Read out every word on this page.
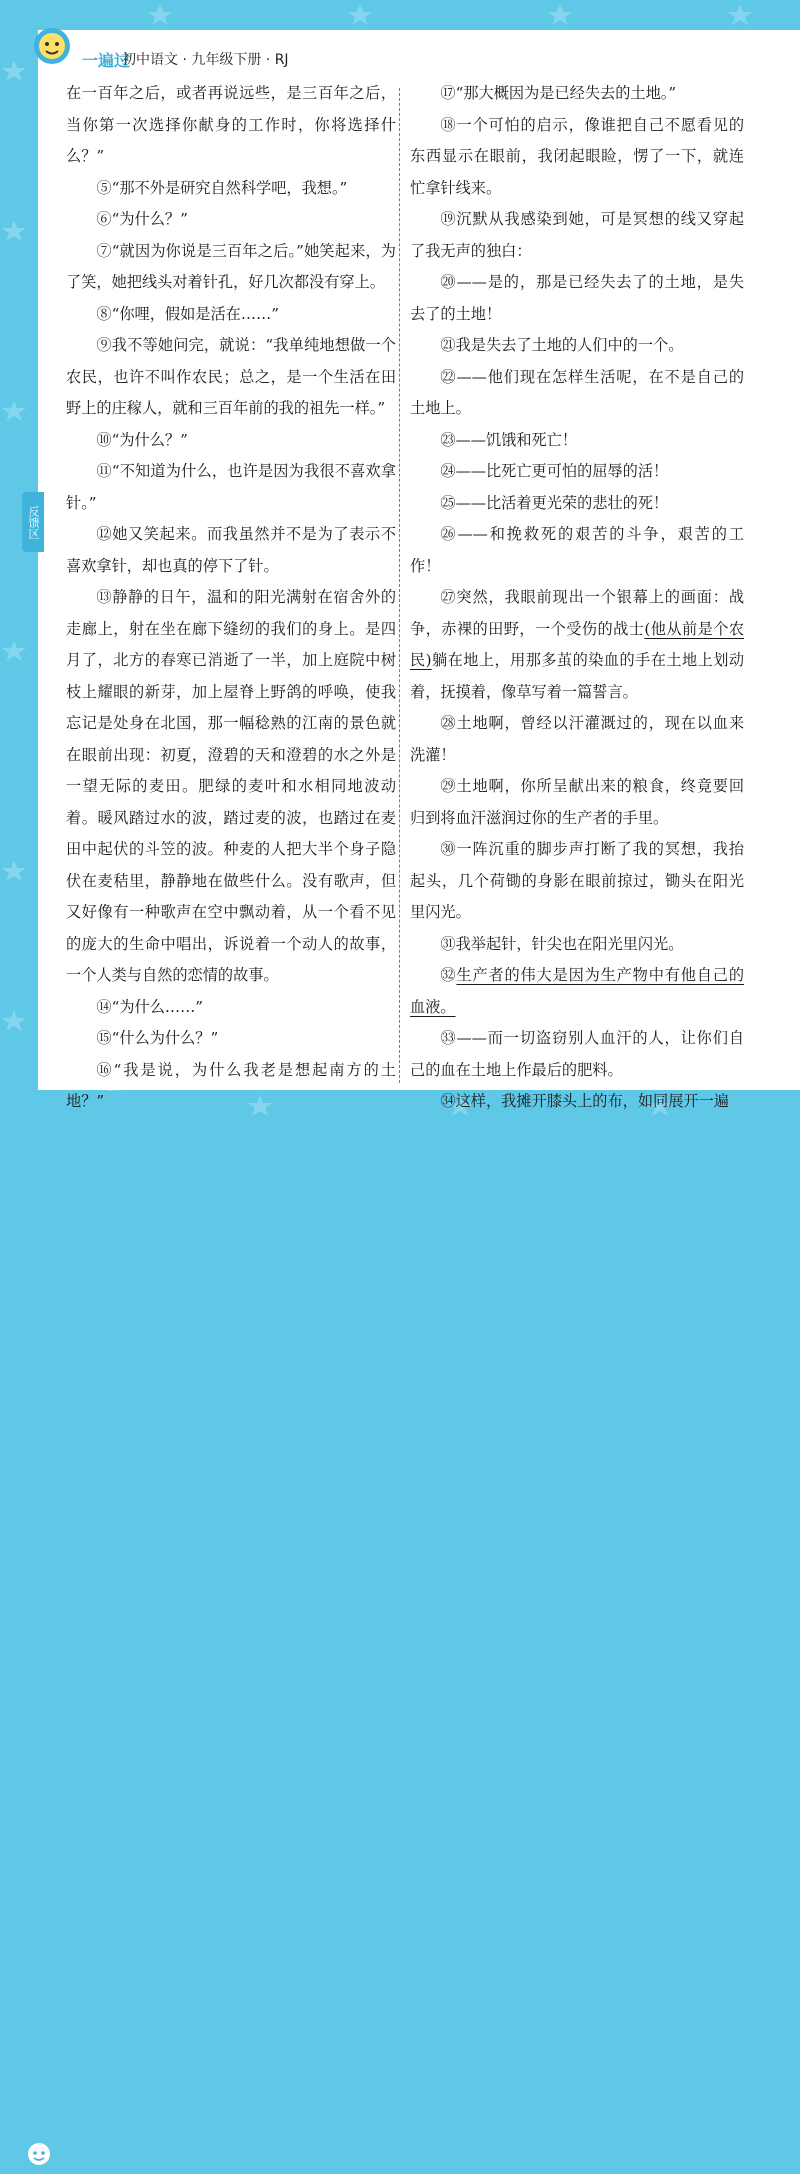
一遍过
初中语文 · 九年级下册 · RJ

在一百年之后，或者再说远些，是三百年之后，当你第一次选择你献身的工作时，你将选择什么？”

⑤“那不外是研究自然科学吧，我想。”

⑥“为什么？”

⑦“就因为你说是三百年之后。”她笑起来，为了笑，她把线头对着针孔，好几次都没有穿上。

⑧“你哩，假如是活在……”

⑨我不等她问完，就说：“我单纯地想做一个农民，也许不叫作农民；总之，是一个生活在田野上的庄稼人，就和三百年前的我的祖先一样。”

⑩“为什么？”

⑪“不知道为什么，也许是因为我很不喜欢拿针。”

⑫她又笑起来。而我虽然并不是为了表示不喜欢拿针，却也真的停下了针。

⑬静静的日午，温和的阳光满射在宿舍外的走廊上，射在坐在廊下缝纫的我们的身上。是四月了，北方的春寒已消逝了一半，加上庭院中树枝上耀眼的新芽，加上屋脊上野鸽的呼唤，使我忘记是处身在北国，那一幅稔熟的江南的景色就在眼前出现：初夏，澄碧的天和澄碧的水之外是一望无际的麦田。肥绿的麦叶和水相同地波动着。暖风踏过水的波，踏过麦的波，也踏过在麦田中起伏的斗笠的波。种麦的人把大半个身子隐伏在麦秸里，静静地在做些什么。没有歌声，但又好像有一种歌声在空中飘动着，从一个看不见的庞大的生命中唱出，诉说着一个动人的故事，一个人类与自然的恋情的故事。

⑭“为什么……”

⑮“什么为什么？”

⑯“我是说，为什么我老是想起南方的土地？”

⑰“那大概因为是已经失去的土地。”

⑱一个可怕的启示，像谁把自己不愿看见的东西显示在眼前，我闭起眼睑，愣了一下，就连忙拿针线来。

⑲沉默从我感染到她，可是冥想的线又穿起了我无声的独白：

⑳——是的，那是已经失去了的土地，是失去了的土地！

㉑我是失去了土地的人们中的一个。

㉒——他们现在怎样生活呢，在不是自己的土地上。

㉓——饥饿和死亡！

㉔——比死亡更可怕的屈辱的活！

㉕——比活着更光荣的悲壮的死！

㉖——和挽救死的艰苦的斗争，艰苦的工作！

㉗突然，我眼前现出一个银幕上的画面：战争，赤裸的田野，一个受伤的战士(他从前是个农民)躺在地上，用那多茧的染血的手在土地上划动着，抚摸着，像草写着一篇誓言。

㉘土地啊，曾经以汗灌溉过的，现在以血来洗灌！

㉙土地啊，你所呈献出来的粮食，终竟要回归到将血汗滋润过你的生产者的手里。

㉚一阵沉重的脚步声打断了我的冥想，我抬起头，几个荷锄的身影在眼前掠过，锄头在阳光里闪光。

㉛我举起针，针尖也在阳光里闪光。

㉜生产者的伟大是因为生产物中有他自己的血液。

㉝——而一切盗窃别人血汗的人，让你们自己的血在土地上作最后的肥料。

㉞这样，我摊开膝头上的布，如同展开一遍

反馈区
011 上遍过提分 下课能预测
